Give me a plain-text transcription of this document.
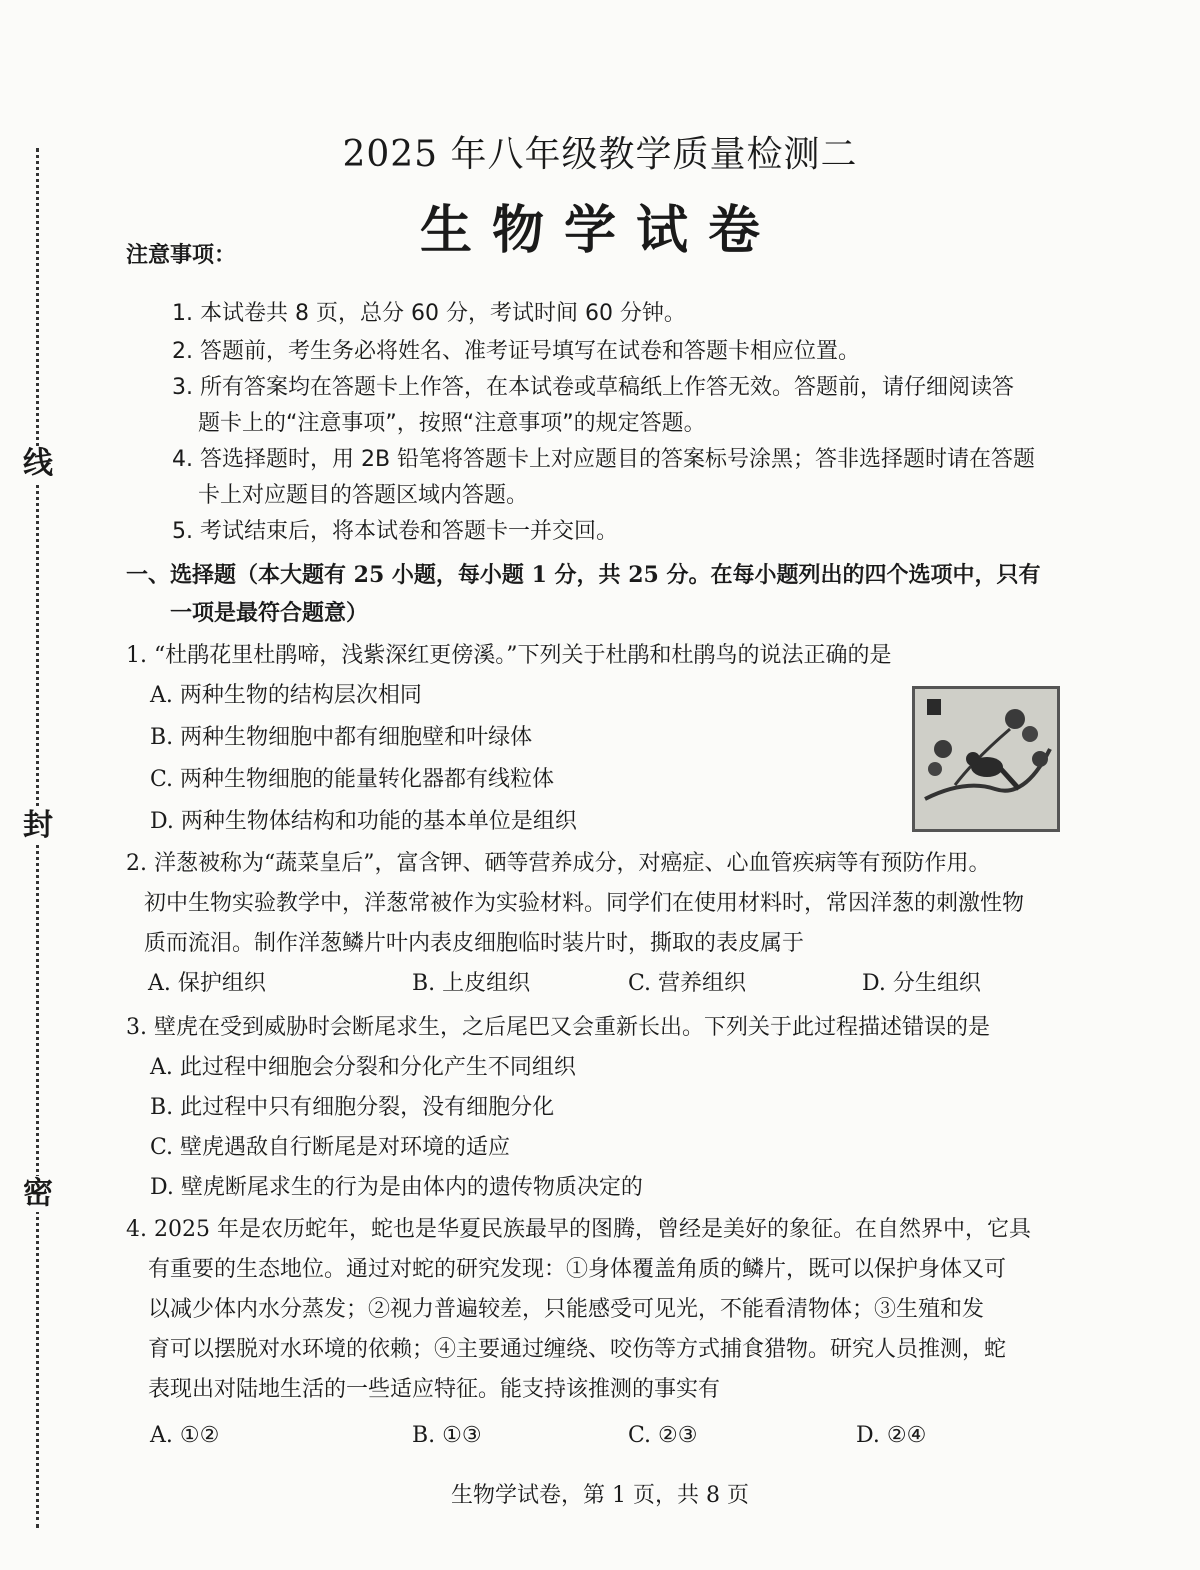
线
封
密
2025 年八年级教学质量检测二
生物学试卷
注意事项：
1. 本试卷共 8 页，总分 60 分，考试时间 60 分钟。
2. 答题前，考生务必将姓名、准考证号填写在试卷和答题卡相应位置。
3. 所有答案均在答题卡上作答，在本试卷或草稿纸上作答无效。答题前，请仔细阅读答
题卡上的“注意事项”，按照“注意事项”的规定答题。
4. 答选择题时，用 2B 铅笔将答题卡上对应题目的答案标号涂黑；答非选择题时请在答题
卡上对应题目的答题区域内答题。
5. 考试结束后，将本试卷和答题卡一并交回。
一、选择题（本大题有 25 小题，每小题 1 分，共 25 分。在每小题列出的四个选项中，只有
一项是最符合题意）
1. “杜鹃花里杜鹃啼，浅紫深红更傍溪。”下列关于杜鹃和杜鹃鸟的说法正确的是
A. 两种生物的结构层次相同
B. 两种生物细胞中都有细胞壁和叶绿体
C. 两种生物细胞的能量转化器都有线粒体
D. 两种生物体结构和功能的基本单位是组织
2. 洋葱被称为“蔬菜皇后”，富含钾、硒等营养成分，对癌症、心血管疾病等有预防作用。
初中生物实验教学中，洋葱常被作为实验材料。同学们在使用材料时，常因洋葱的刺激性物
质而流泪。制作洋葱鳞片叶内表皮细胞临时装片时，撕取的表皮属于
A. 保护组织	B. 上皮组织	C. 营养组织	D. 分生组织
3. 壁虎在受到威胁时会断尾求生，之后尾巴又会重新长出。下列关于此过程描述错误的是
A. 此过程中细胞会分裂和分化产生不同组织
B. 此过程中只有细胞分裂，没有细胞分化
C. 壁虎遇敌自行断尾是对环境的适应
D. 壁虎断尾求生的行为是由体内的遗传物质决定的
4. 2025 年是农历蛇年，蛇也是华夏民族最早的图腾，曾经是美好的象征。在自然界中，它具
有重要的生态地位。通过对蛇的研究发现：①身体覆盖角质的鳞片，既可以保护身体又可
以减少体内水分蒸发；②视力普遍较差，只能感受可见光，不能看清物体；③生殖和发
育可以摆脱对水环境的依赖；④主要通过缠绕、咬伤等方式捕食猎物。研究人员推测，蛇
表现出对陆地生活的一些适应特征。能支持该推测的事实有
A. ①②	B. ①③	C. ②③	D. ②④
生物学试卷，第 1 页，共 8 页
